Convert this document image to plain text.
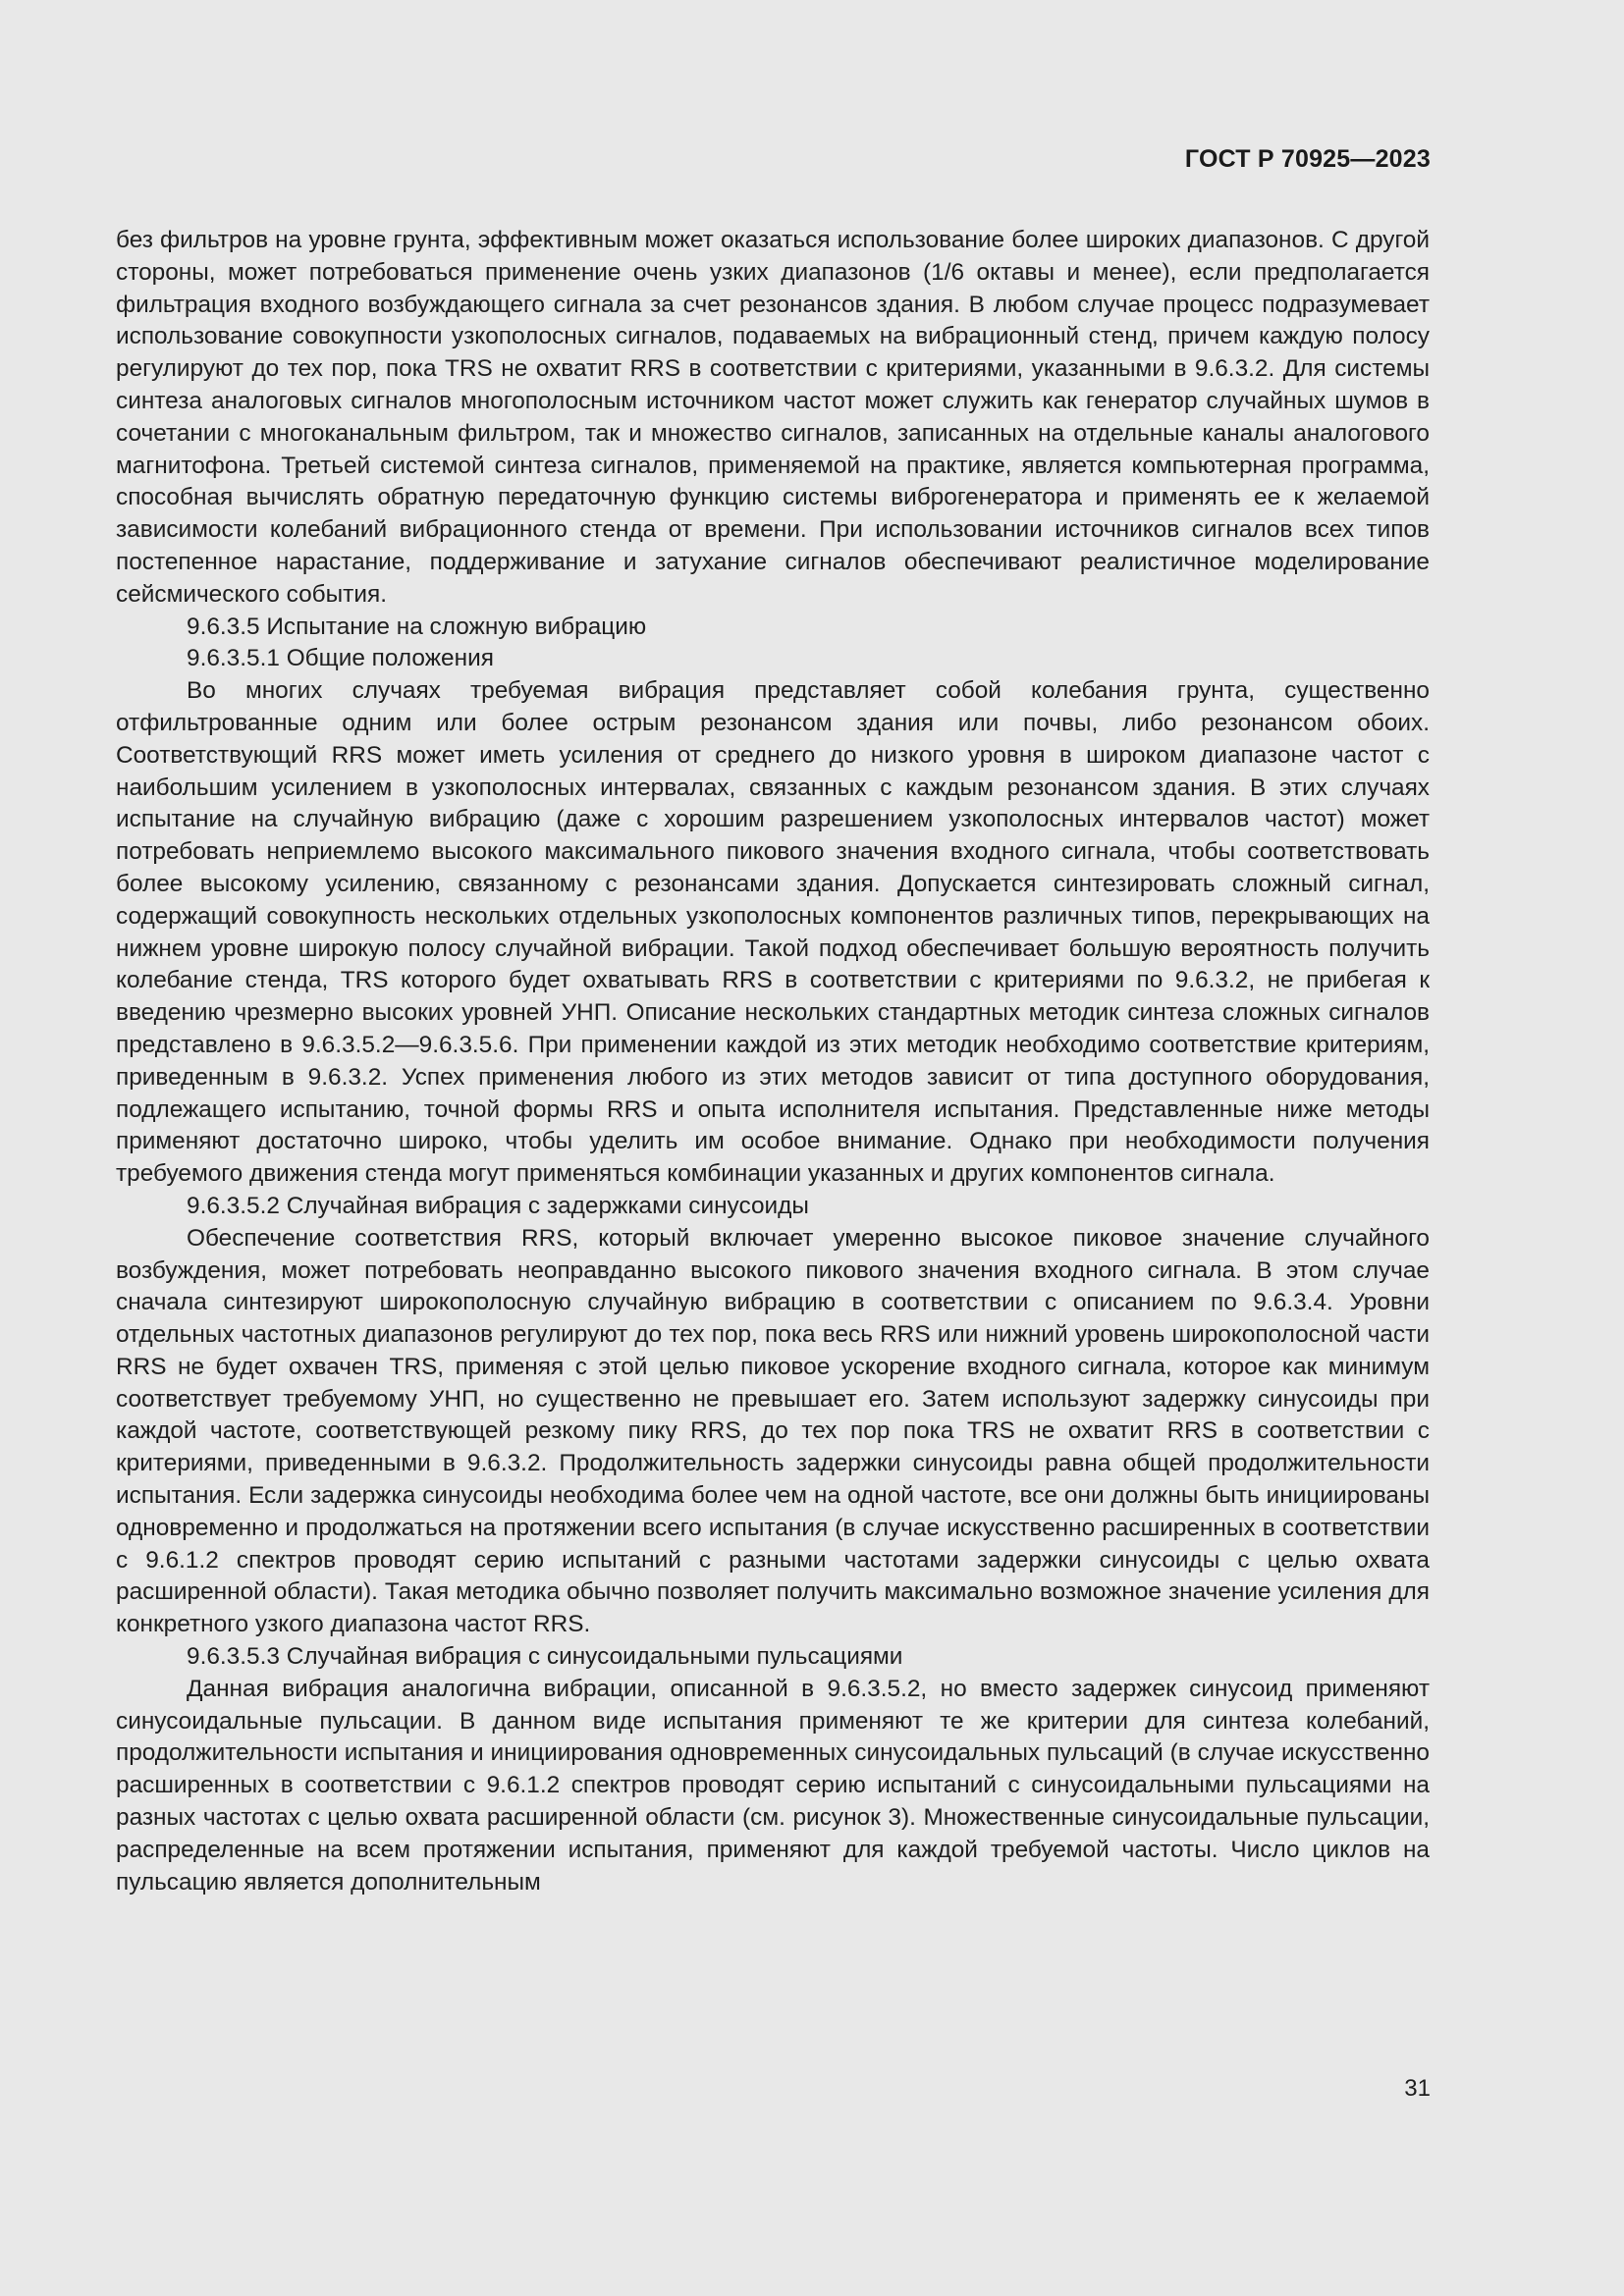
ГОСТ Р 70925—2023

без фильтров на уровне грунта, эффективным может оказаться использование более широких диапазонов. С другой стороны, может потребоваться применение очень узких диапазонов (1/6 октавы и менее), если предполагается фильтрация входного возбуждающего сигнала за счет резонансов здания. В любом случае процесс подразумевает использование совокупности узкополосных сигналов, подаваемых на вибрационный стенд, причем каждую полосу регулируют до тех пор, пока TRS не охватит RRS в соответствии с критериями, указанными в 9.6.3.2. Для системы синтеза аналоговых сигналов многополосным источником частот может служить как генератор случайных шумов в сочетании с многоканальным фильтром, так и множество сигналов, записанных на отдельные каналы аналогового магнитофона. Третьей системой синтеза сигналов, применяемой на практике, является компьютерная программа, способная вычислять обратную передаточную функцию системы виброгенератора и применять ее к желаемой зависимости колебаний вибрационного стенда от времени. При использовании источников сигналов всех типов постепенное нарастание, поддерживание и затухание сигналов обеспечивают реалистичное моделирование сейсмического события.

9.6.3.5 Испытание на сложную вибрацию

9.6.3.5.1 Общие положения

Во многих случаях требуемая вибрация представляет собой колебания грунта, существенно отфильтрованные одним или более острым резонансом здания или почвы, либо резонансом обоих. Соответствующий RRS может иметь усиления от среднего до низкого уровня в широком диапазоне частот с наибольшим усилением в узкополосных интервалах, связанных с каждым резонансом здания. В этих случаях испытание на случайную вибрацию (даже с хорошим разрешением узкополосных интервалов частот) может потребовать неприемлемо высокого максимального пикового значения входного сигнала, чтобы соответствовать более высокому усилению, связанному с резонансами здания. Допускается синтезировать сложный сигнал, содержащий совокупность нескольких отдельных узкополосных компонентов различных типов, перекрывающих на нижнем уровне широкую полосу случайной вибрации. Такой подход обеспечивает большую вероятность получить колебание стенда, TRS которого будет охватывать RRS в соответствии с критериями по 9.6.3.2, не прибегая к введению чрезмерно высоких уровней УНП. Описание нескольких стандартных методик синтеза сложных сигналов представлено в 9.6.3.5.2—9.6.3.5.6. При применении каждой из этих методик необходимо соответствие критериям, приведенным в 9.6.3.2. Успех применения любого из этих методов зависит от типа доступного оборудования, подлежащего испытанию, точной формы RRS и опыта исполнителя испытания. Представленные ниже методы применяют достаточно широко, чтобы уделить им особое внимание. Однако при необходимости получения требуемого движения стенда могут применяться комбинации указанных и других компонентов сигнала.

9.6.3.5.2 Случайная вибрация с задержками синусоиды

Обеспечение соответствия RRS, который включает умеренно высокое пиковое значение случайного возбуждения, может потребовать неоправданно высокого пикового значения входного сигнала. В этом случае сначала синтезируют широкополосную случайную вибрацию в соответствии с описанием по 9.6.3.4. Уровни отдельных частотных диапазонов регулируют до тех пор, пока весь RRS или нижний уровень широкополосной части RRS не будет охвачен TRS, применяя с этой целью пиковое ускорение входного сигнала, которое как минимум соответствует требуемому УНП, но существенно не превышает его. Затем используют задержку синусоиды при каждой частоте, соответствующей резкому пику RRS, до тех пор пока TRS не охватит RRS в соответствии с критериями, приведенными в 9.6.3.2. Продолжительность задержки синусоиды равна общей продолжительности испытания. Если задержка синусоиды необходима более чем на одной частоте, все они должны быть инициированы одновременно и продолжаться на протяжении всего испытания (в случае искусственно расширенных в соответствии с 9.6.1.2 спектров проводят серию испытаний с разными частотами задержки синусоиды с целью охвата расширенной области). Такая методика обычно позволяет получить максимально возможное значение усиления для конкретного узкого диапазона частот RRS.

9.6.3.5.3 Случайная вибрация с синусоидальными пульсациями

Данная вибрация аналогична вибрации, описанной в 9.6.3.5.2, но вместо задержек синусоид применяют синусоидальные пульсации. В данном виде испытания применяют те же критерии для синтеза колебаний, продолжительности испытания и инициирования одновременных синусоидальных пульсаций (в случае искусственно расширенных в соответствии с 9.6.1.2 спектров проводят серию испытаний с синусоидальными пульсациями на разных частотах с целью охвата расширенной области (см. рисунок 3). Множественные синусоидальные пульсации, распределенные на всем протяжении испытания, применяют для каждой требуемой частоты. Число циклов на пульсацию является дополнительным

31
